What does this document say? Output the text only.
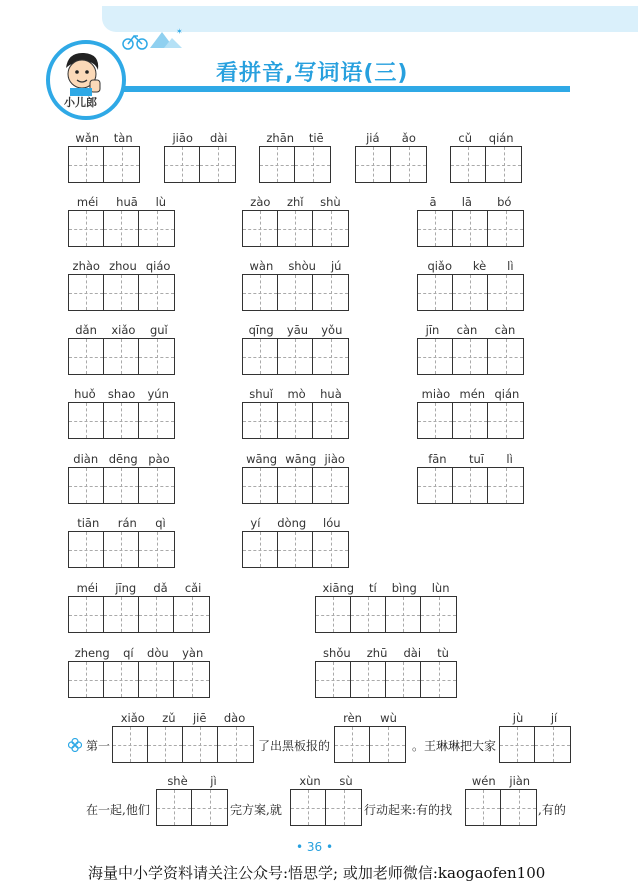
✶
小儿郎
看拼音,写词语(三)
第一	了出黑板报的	。王琳琳把大家
在一起,他们	完方案,就	行动起来:有的找	,有的
• 36 •
海量中小学资料请关注公众号:悟思学; 或加老师微信:kaogaofen100
wǎn tàn	jiāo dài	zhān tiē	jiá ǎo	cǔ qián
méi huā lù	zào zhǐ shù	ā lā bó
zhào zhou qiáo	wàn shòu jú	qiǎo kè lì
dǎn xiǎo guǐ	qīng yāu yǒu	jīn càn càn
huǒ shao yún	shuǐ mò huà	miào mén qián
diàn dēng pào	wāng wāng jiào	fān tuī lì
tiān rán qì	yí dòng lóu
méi jīng dǎ cǎi	xiāng tí bìng lùn
zheng qí dòu yàn	shǒu zhū dài tù
xiǎo zǔ jiē dào	rèn wù	jù jí
shè jì	xùn sù	wén jiàn
